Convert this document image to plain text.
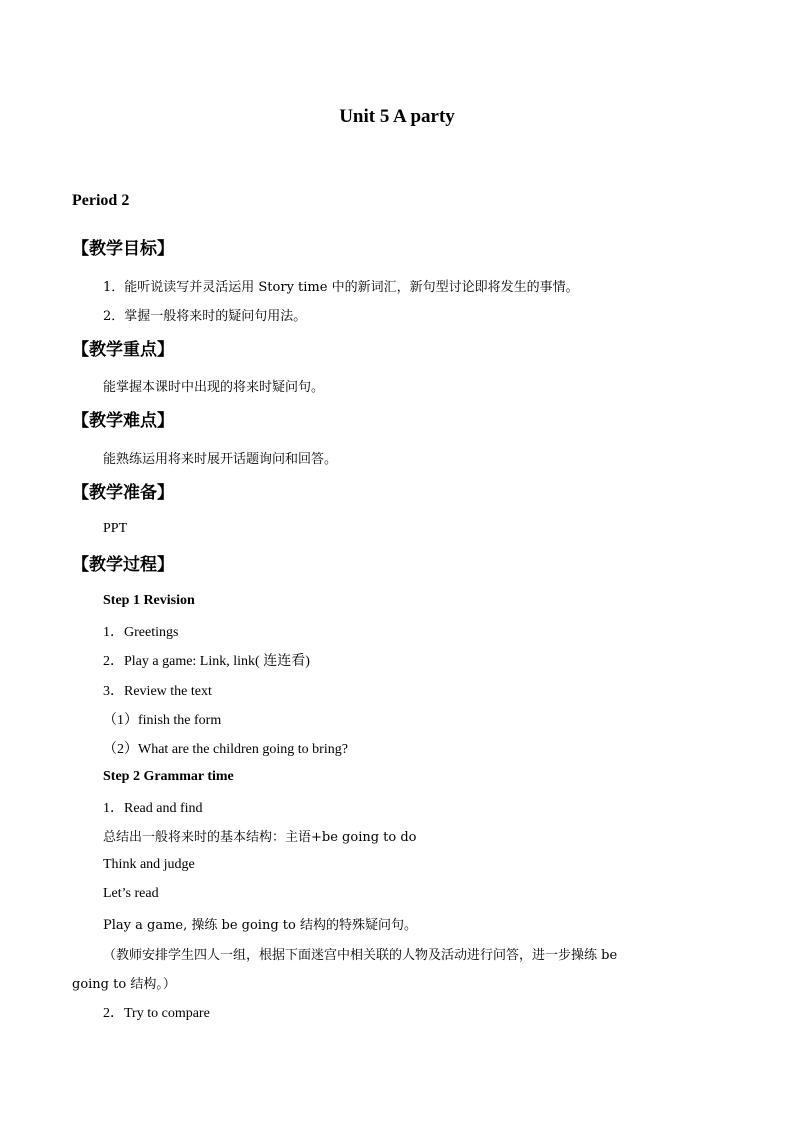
Unit 5 A party
Period 2
【教学目标】
1．能听说读写并灵活运用 Story time 中的新词汇，新句型讨论即将发生的事情。
2．掌握一般将来时的疑问句用法。
【教学重点】
能掌握本课时中出现的将来时疑问句。
【教学难点】
能熟练运用将来时展开话题询问和回答。
【教学准备】
PPT
【教学过程】
Step 1 Revision
1．Greetings
2．Play a game: Link, link( 连连看)
3．Review the text
（1）finish the form
（2）What are the children going to bring?
Step 2 Grammar time
1．Read and find
总结出一般将来时的基本结构：主语+be going to do
Think and judge
Let’s read
Play a game, 操练 be going to 结构的特殊疑问句。
（教师安排学生四人一组，根据下面迷宫中相关联的人物及活动进行问答，进一步操练 be
going to 结构。）
2．Try to compare
